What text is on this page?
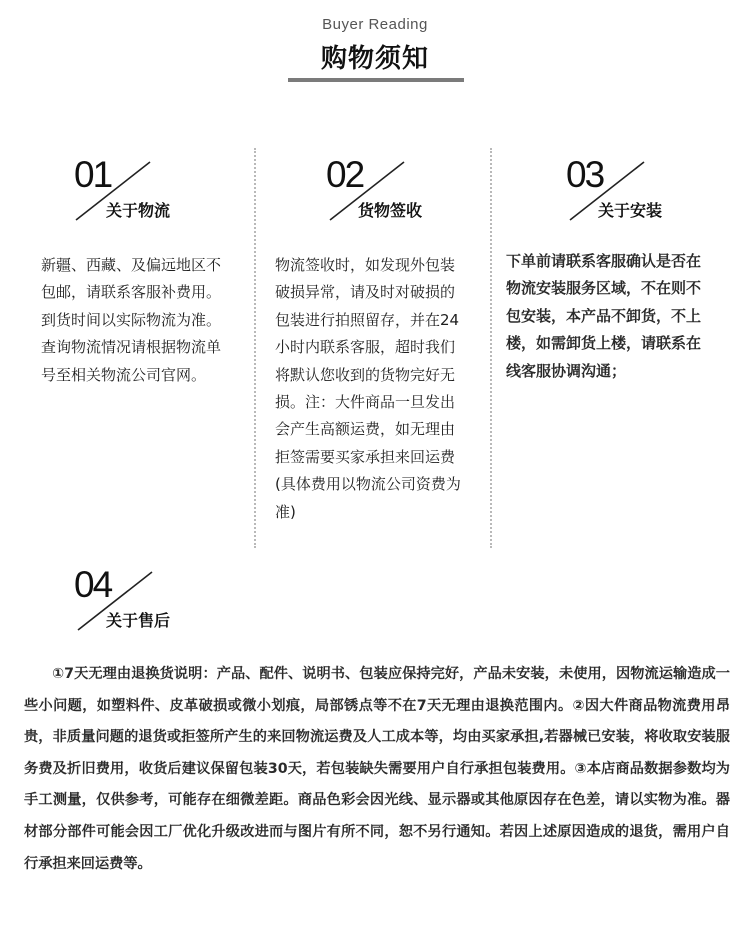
Buyer Reading
购物须知
01
关于物流

新疆、西藏、及偏远地区不

包邮，请联系客服补费用。

到货时间以实际物流为准。

查询物流情况请根据物流单

号至相关物流公司官网。

02
货物签收

物流签收时，如发现外包装

破损异常，请及时对破损的

包装进行拍照留存，并在24

小时内联系客服，超时我们

将默认您收到的货物完好无

损。注：大件商品一旦发出

会产生高额运费，如无理由

拒签需要买家承担来回运费

(具体费用以物流公司资费为

准)

03
关于安装

下单前请联系客服确认是否在

物流安装服务区域，不在则不

包安装，本产品不卸货，不上

楼，如需卸货上楼，请联系在

线客服协调沟通；

04
关于售后
①7天无理由退换货说明：产品、配件、说明书、包装应保持完好，产品未安装，未使用，因物流运输造成一些小问题，如塑料件、皮革破损或微小划痕，局部锈点等不在7天无理由退换范围内。②因大件商品物流费用昂贵，非质量问题的退货或拒签所产生的来回物流运费及人工成本等，均由买家承担,若器械已安装，将收取安装服务费及折旧费用，收货后建议保留包装30天，若包装缺失需要用户自行承担包装费用。③本店商品数据参数均为手工测量，仅供参考，可能存在细微差距。商品色彩会因光线、显示器或其他原因存在色差，请以实物为准。器材部分部件可能会因工厂优化升级改进而与图片有所不同，恕不另行通知。若因上述原因造成的退货，需用户自行承担来回运费等。
